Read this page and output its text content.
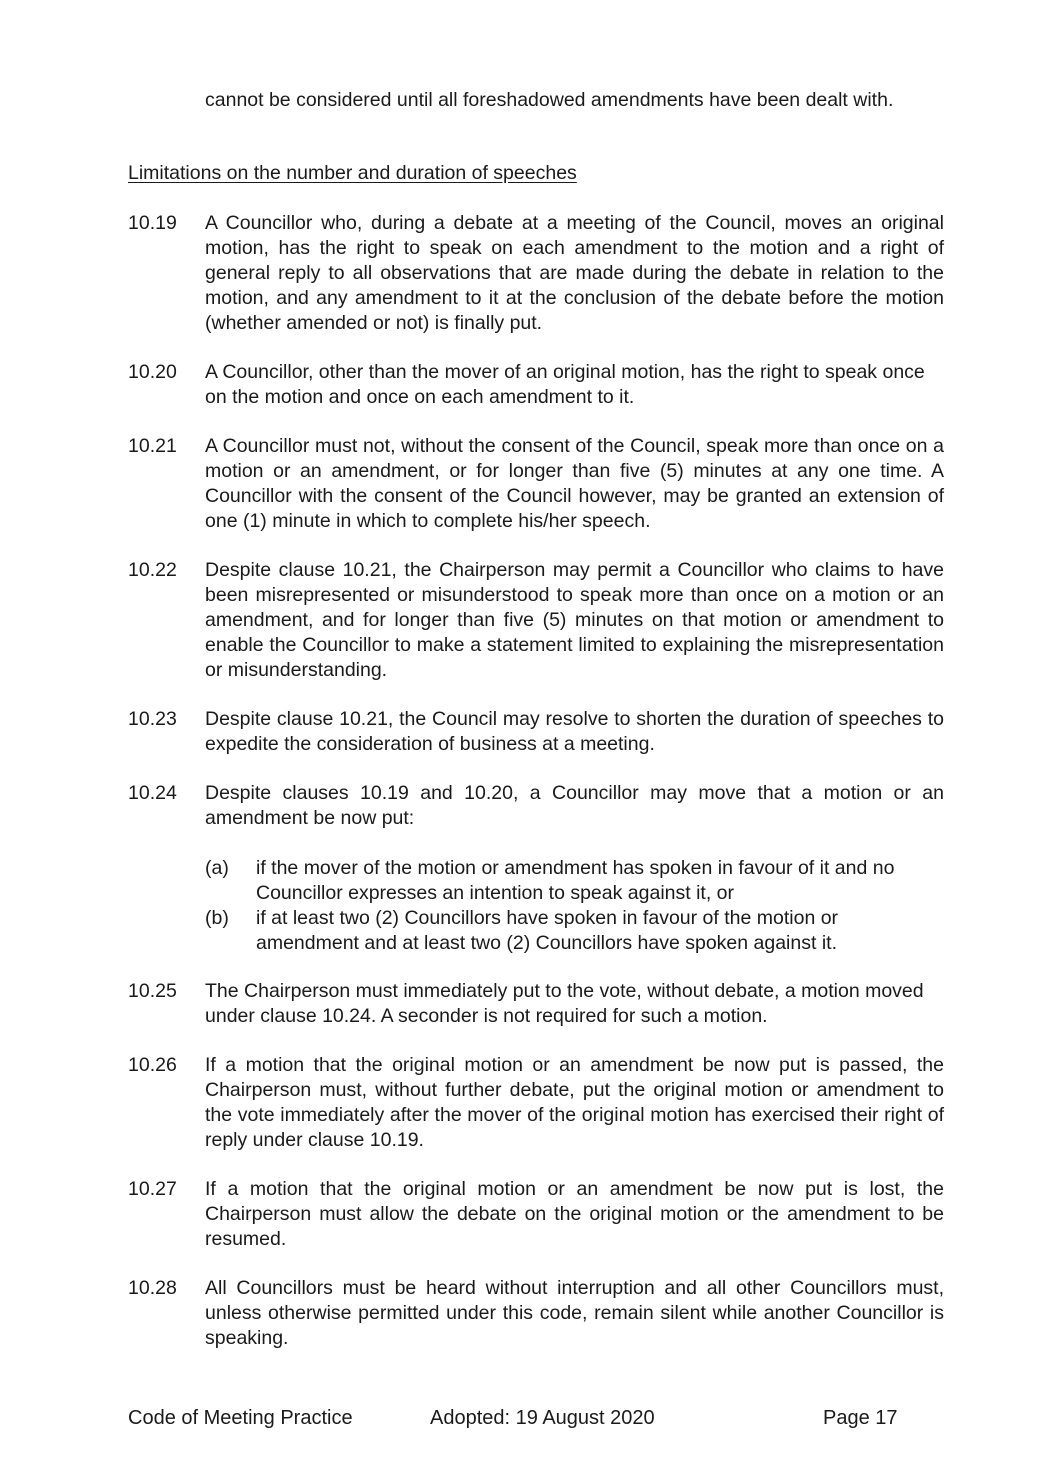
cannot be considered until all foreshadowed amendments have been dealt with.
Limitations on the number and duration of speeches
10.19 A Councillor who, during a debate at a meeting of the Council, moves an original motion, has the right to speak on each amendment to the motion and a right of general reply to all observations that are made during the debate in relation to the motion, and any amendment to it at the conclusion of the debate before the motion (whether amended or not) is finally put.
10.20 A Councillor, other than the mover of an original motion, has the right to speak once on the motion and once on each amendment to it.
10.21 A Councillor must not, without the consent of the Council, speak more than once on a motion or an amendment, or for longer than five (5) minutes at any one time. A Councillor with the consent of the Council however, may be granted an extension of one (1) minute in which to complete his/her speech.
10.22 Despite clause 10.21, the Chairperson may permit a Councillor who claims to have been misrepresented or misunderstood to speak more than once on a motion or an amendment, and for longer than five (5) minutes on that motion or amendment to enable the Councillor to make a statement limited to explaining the misrepresentation or misunderstanding.
10.23 Despite clause 10.21, the Council may resolve to shorten the duration of speeches to expedite the consideration of business at a meeting.
10.24 Despite clauses 10.19 and 10.20, a Councillor may move that a motion or an amendment be now put:
(a) if the mover of the motion or amendment has spoken in favour of it and no Councillor expresses an intention to speak against it, or
(b) if at least two (2) Councillors have spoken in favour of the motion or amendment and at least two (2) Councillors have spoken against it.
10.25 The Chairperson must immediately put to the vote, without debate, a motion moved under clause 10.24. A seconder is not required for such a motion.
10.26 If a motion that the original motion or an amendment be now put is passed, the Chairperson must, without further debate, put the original motion or amendment to the vote immediately after the mover of the original motion has exercised their right of reply under clause 10.19.
10.27 If a motion that the original motion or an amendment be now put is lost, the Chairperson must allow the debate on the original motion or the amendment to be resumed.
10.28 All Councillors must be heard without interruption and all other Councillors must, unless otherwise permitted under this code, remain silent while another Councillor is speaking.
Code of Meeting Practice	Adopted: 19 August 2020	Page 17
